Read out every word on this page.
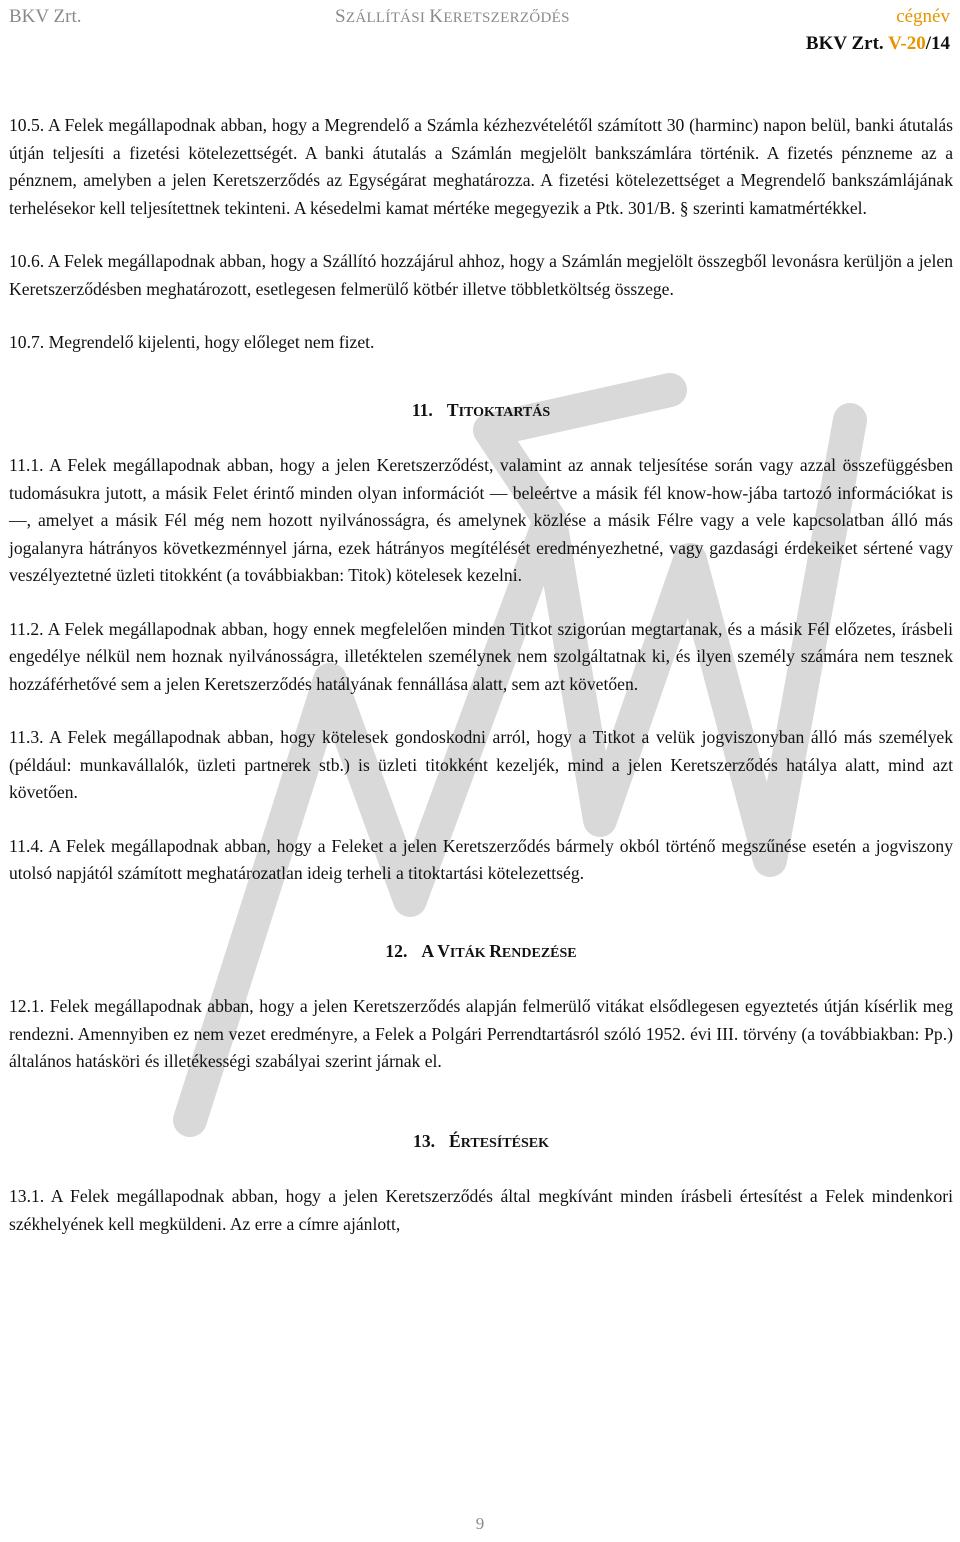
BKV Zrt.	SZÁLLÍTÁSI KERETSZERZŐDÉS	cégnév
BKV Zrt. V-20/14

10.5. A Felek megállapodnak abban, hogy a Megrendelő a Számla kézhezvételétől számított 30 (harminc) napon belül, banki átutalás útján teljesíti a fizetési kötelezettségét. A banki átutalás a Számlán megjelölt bankszámlára történik. A fizetés pénzneme az a pénznem, amelyben a jelen Keretszerződés az Egységárat meghatározza. A fizetési kötelezettséget a Megrendelő bankszámlájának terhelésekor kell teljesítettnek tekinteni. A késedelmi kamat mértéke megegyezik a Ptk. 301/B. § szerinti kamatmértékkel.

10.6. A Felek megállapodnak abban, hogy a Szállító hozzájárul ahhoz, hogy a Számlán megjelölt összegből levonásra kerüljön a jelen Keretszerződésben meghatározott, esetlegesen felmerülő kötbér illetve többletköltség összege.

10.7. Megrendelő kijelenti, hogy előleget nem fizet.

11. TITOKTARTÁS

11.1. A Felek megállapodnak abban, hogy a jelen Keretszerződést, valamint az annak teljesítése során vagy azzal összefüggésben tudomásukra jutott, a másik Felet érintő minden olyan információt — beleértve a másik fél know-how-jába tartozó információkat is —, amelyet a másik Fél még nem hozott nyilvánosságra, és amelynek közlése a másik Félre vagy a vele kapcsolatban álló más jogalanyra hátrányos következménnyel járna, ezek hátrányos megítélését eredményezhetné, vagy gazdasági érdekeiket sértené vagy veszélyeztetné üzleti titokként (a továbbiakban: Titok) kötelesek kezelni.

11.2. A Felek megállapodnak abban, hogy ennek megfelelően minden Titkot szigorúan megtartanak, és a másik Fél előzetes, írásbeli engedélye nélkül nem hoznak nyilvánosságra, illetéktelen személynek nem szolgáltatnak ki, és ilyen személy számára nem tesznek hozzáférhetővé sem a jelen Keretszerződés hatályának fennállása alatt, sem azt követően.

11.3. A Felek megállapodnak abban, hogy kötelesek gondoskodni arról, hogy a Titkot a velük jogviszonyban álló más személyek (például: munkavállalók, üzleti partnerek stb.) is üzleti titokként kezeljék, mind a jelen Keretszerződés hatálya alatt, mind azt követően.

11.4. A Felek megállapodnak abban, hogy a Feleket a jelen Keretszerződés bármely okból történő megszűnése esetén a jogviszony utolsó napjától számított meghatározatlan ideig terheli a titoktartási kötelezettség.

12. A VITÁK RENDEZÉSE

12.1. Felek megállapodnak abban, hogy a jelen Keretszerződés alapján felmerülő vitákat elsődlegesen egyeztetés útján kísérlik meg rendezni. Amennyiben ez nem vezet eredményre, a Felek a Polgári Perrendtartásról szóló 1952. évi III. törvény (a továbbiakban: Pp.) általános hatásköri és illetékességi szabályai szerint járnak el.

13. ÉRTESÍTÉSEK

13.1. A Felek megállapodnak abban, hogy a jelen Keretszerződés által megkívánt minden írásbeli értesítést a Felek mindenkori székhelyének kell megküldeni. Az erre a címre ajánlott,

9
